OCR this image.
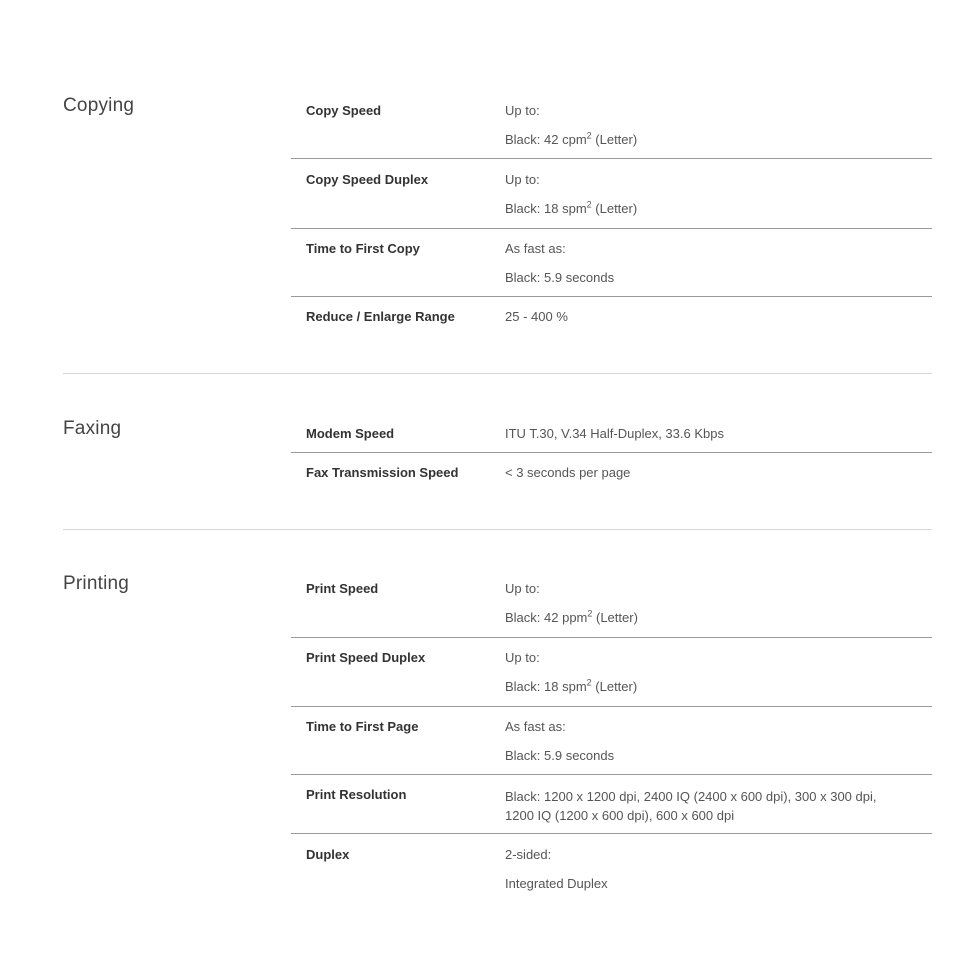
Copying	Copy Speed	Up to:
Black: 42 cpm$^2$ (Letter)
Copy Speed Duplex	Up to:
Black: 18 spm$^2$ (Letter)
Time to First Copy	As fast as:
Black: 5.9 seconds
Reduce / Enlarge Range	25 - 400 %
Faxing	Modem Speed	ITU T.30, V.34 Half-Duplex, 33.6 Kbps
Fax Transmission Speed	< 3 seconds per page
Printing	Print Speed	Up to:
Black: 42 ppm$^2$ (Letter)
Print Speed Duplex	Up to:
Black: 18 spm$^2$ (Letter)
Time to First Page	As fast as:
Black: 5.9 seconds
Print Resolution	Black: 1200 x 1200 dpi, 2400 IQ (2400 x 600 dpi), 300 x 300 dpi,
1200 IQ (1200 x 600 dpi), 600 x 600 dpi
Duplex	2-sided:
Integrated Duplex
